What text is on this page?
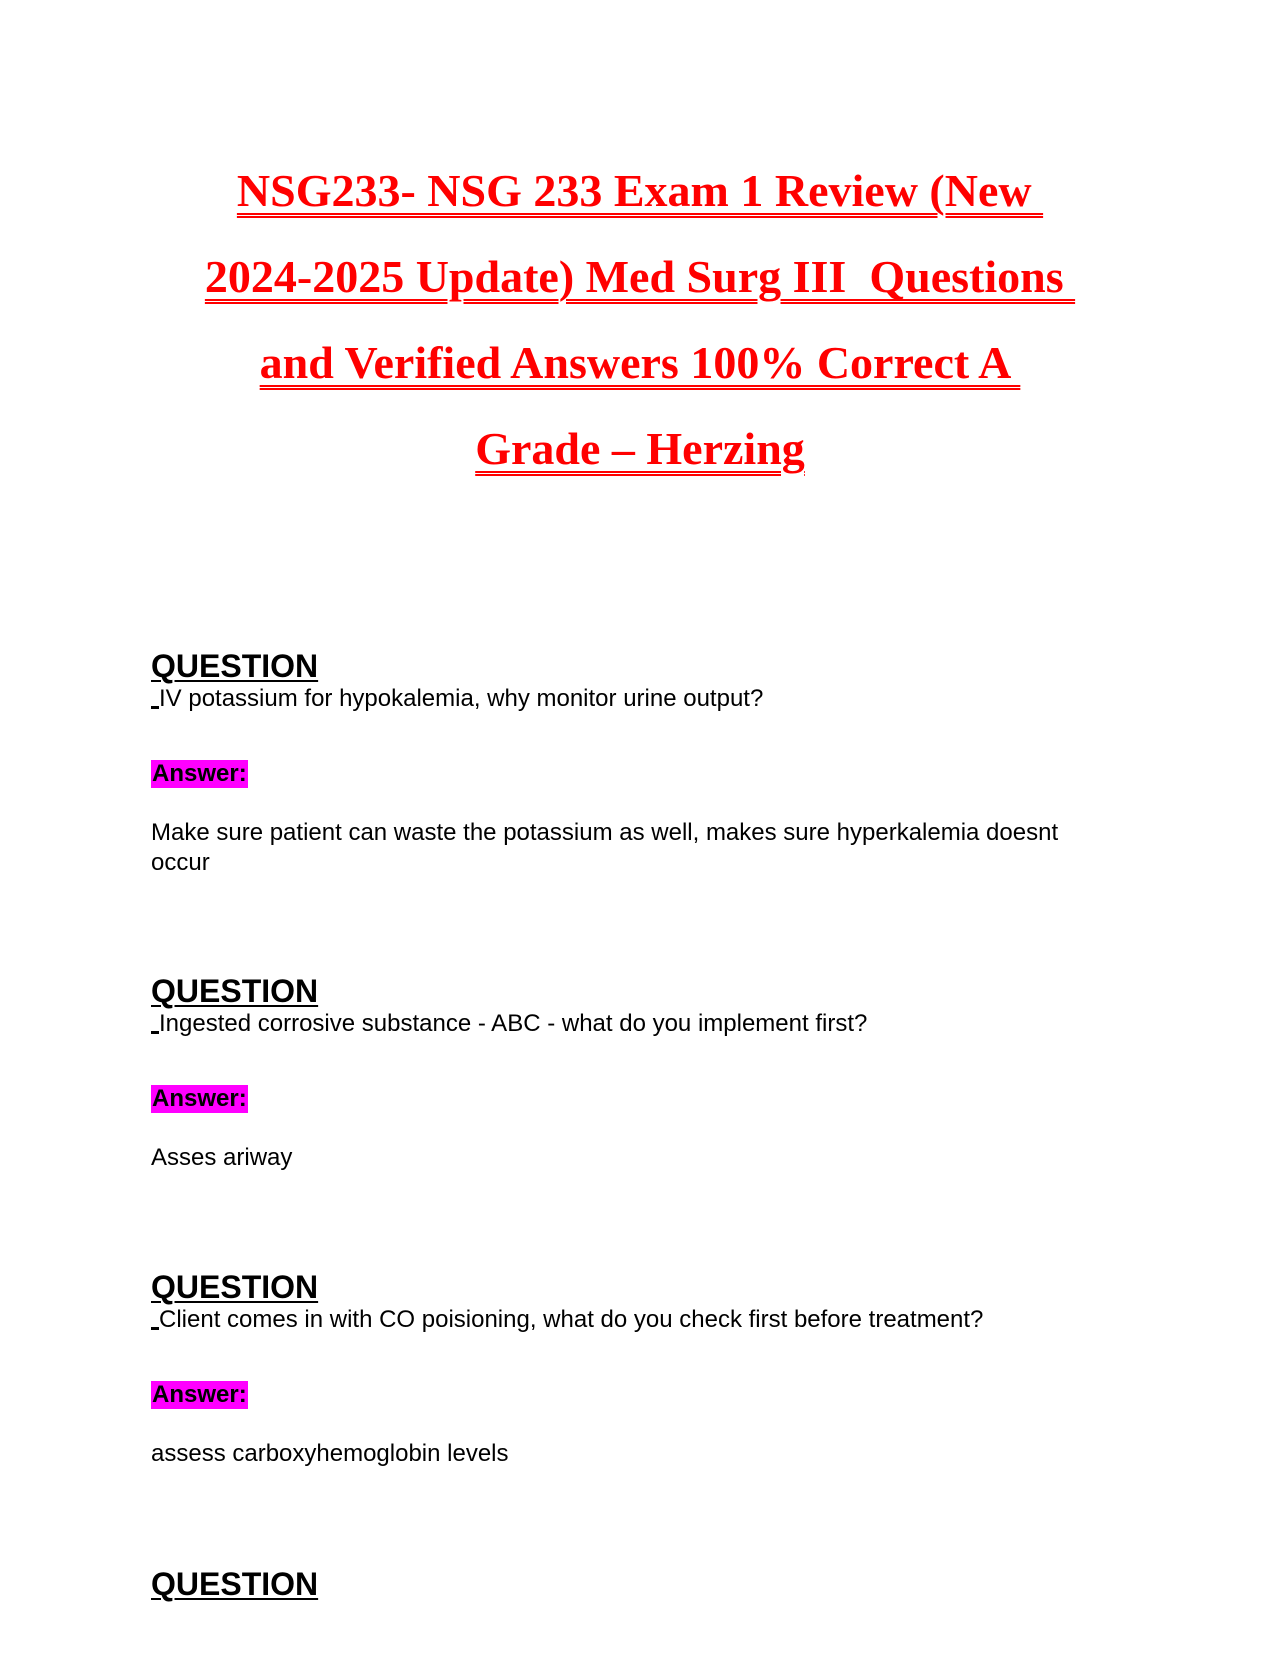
NSG233- NSG 233 Exam 1 Review (New
2024-2025 Update) Med Surg III  Questions
and Verified Answers 100% Correct A
Grade – Herzing
QUESTION
IV potassium for hypokalemia, why monitor urine output?
Answer:
Make sure patient can waste the potassium as well, makes sure hyperkalemia doesnt occur
QUESTION
Ingested corrosive substance - ABC - what do you implement first?
Answer:
Asses ariway
QUESTION
Client comes in with CO poisioning, what do you check first before treatment?
Answer:
assess carboxyhemoglobin levels
QUESTION
